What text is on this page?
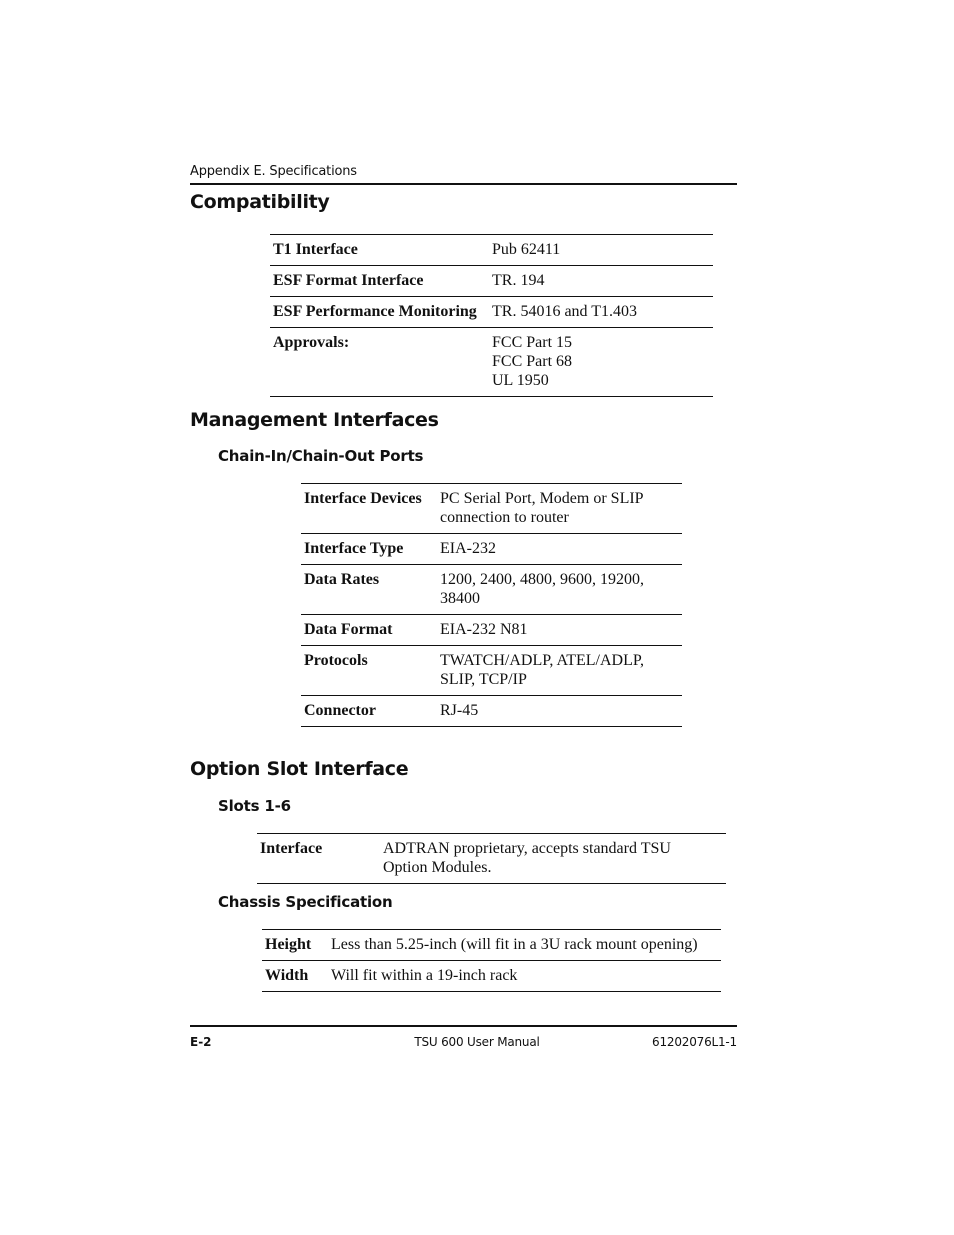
Appendix E. Specifications
Compatibility
T1 Interface	Pub 62411

ESF Format Interface	TR. 194

ESF Performance Monitoring	TR. 54016 and T1.403

Approvals:	FCC Part 15
FCC Part 68
UL 1950
Management Interfaces
Chain-In/Chain-Out Ports
Interface Devices	PC Serial Port, Modem or SLIP
connection to router

Interface Type	EIA-232

Data Rates	1200, 2400, 4800, 9600, 19200,
38400

Data Format	EIA-232 N81

Protocols	TWATCH/ADLP, ATEL/ADLP,
SLIP, TCP/IP

Connector	RJ-45
Option Slot Interface
Slots 1-6
Interface	ADTRAN proprietary, accepts standard TSU
Option Modules.
Chassis Specification
Height	Less than 5.25-inch (will fit in a 3U rack mount opening)

Width	Will fit within a 19-inch rack
E-2	TSU 600 User Manual	61202076L1-1
